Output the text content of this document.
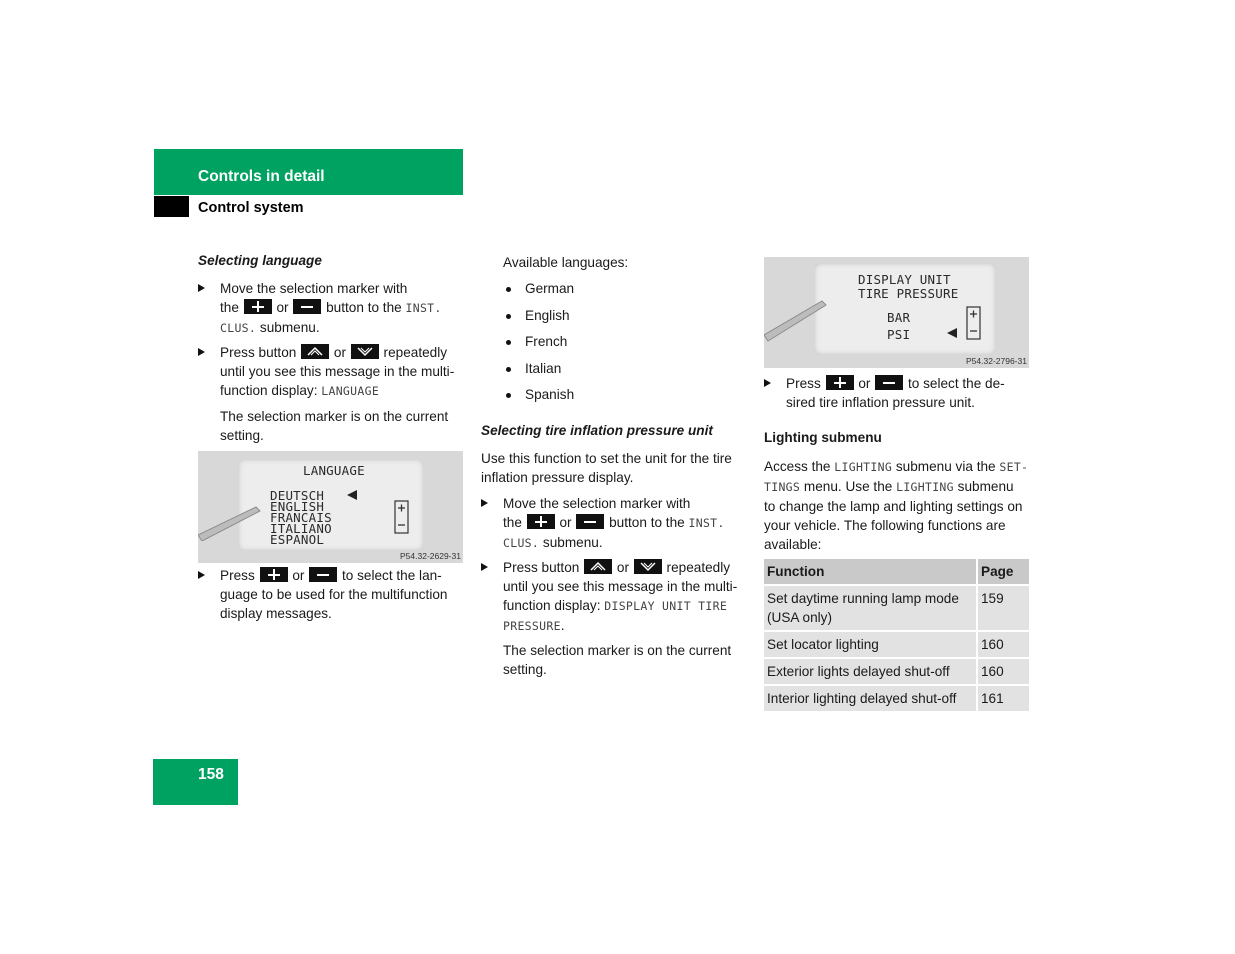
Controls in detail
Control system
Selecting language
Move the selection marker with
the	or	button to the INST.
CLUS. submenu.
Press button	or	repeatedly
until you see this message in the multi-
function display: LANGUAGE
The selection marker is on the current
setting.
LANGUAGE
DEUTSCH
ENGLISH
FRANCAIS
ITALIANO
ESPANOL
P54.32-2629-31
Press	or	to select the lan-
guage to be used for the multifunction
display messages.
Available languages:
German
English
French
Italian
Spanish
Selecting tire inflation pressure unit
Use this function to set the unit for the tire
inflation pressure display.
Move the selection marker with
the	or	button to the INST.
CLUS. submenu.
Press button	or	repeatedly
until you see this message in the multi-
function display: DISPLAY UNIT TIRE
PRESSURE.
The selection marker is on the current
setting.
DISPLAY UNIT
TIRE PRESSURE
BAR
PSI
P54.32-2796-31
Press	or	to select the de-
sired tire inflation pressure unit.
Lighting submenu
Access the LIGHTING submenu via the SET-
TINGS menu. Use the LIGHTING submenu
to change the lamp and lighting settings on
your vehicle. The following functions are
available:
Function	Page
Set daytime running lamp mode (USA only)	159
Set locator lighting	160
Exterior lights delayed shut-off	160
Interior lighting delayed shut-off	161
158
